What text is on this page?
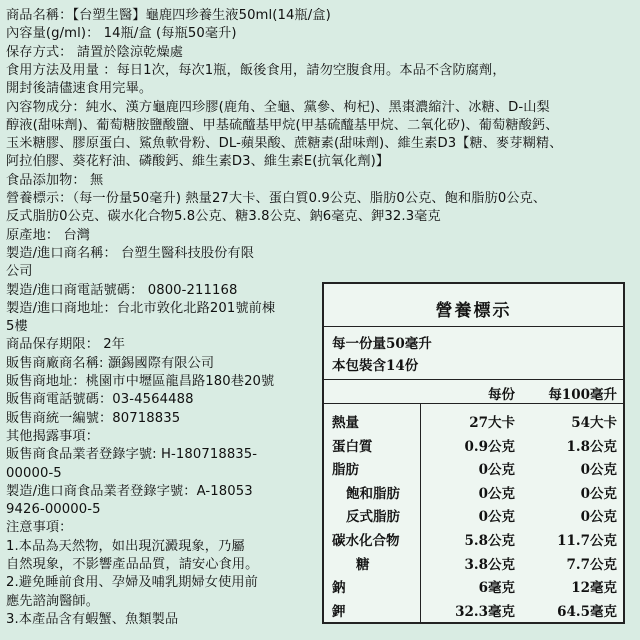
商品名稱：【台塑生醫】龜鹿四珍養生液50ml(14瓶/盒)
內容量(g/ml)： 14瓶/盒 (每瓶50毫升)
保存方式： 請置於陰涼乾燥處
食用方法及用量 ：每日1次，每次1瓶，飯後食用，請勿空腹食用。本品不含防腐劑，
開封後請儘速食用完畢。
內容物成分：純水、漢方龜鹿四珍膠(鹿角、全龜、黨參、枸杞)、黑棗濃縮汁、冰糖、D-山梨
醇液(甜味劑)、葡萄糖胺鹽酸鹽、甲基硫醯基甲烷(甲基硫醯基甲烷、二氧化矽)、葡萄糖酸鈣、
玉米糖膠、膠原蛋白、鯊魚軟骨粉、DL-蘋果酸、蔗糖素(甜味劑)、維生素D3【糖、麥芽糊精、
阿拉伯膠、葵花籽油、磷酸鈣、維生素D3、維生素E(抗氧化劑)】
食品添加物： 無
營養標示：（每一份量50毫升) 熱量27大卡、蛋白質0.9公克、脂肪0公克、飽和脂肪0公克、
反式脂肪0公克、碳水化合物5.8公克、糖3.8公克、鈉6毫克、鉀32.3毫克
原產地： 台灣
製造/進口商名稱： 台塑生醫科技股份有限
公司
製造/進口商電話號碼： 0800-211168
製造/進口商地址：台北市敦化北路201號前棟
5樓
商品保存期限： 2年
販售商廠商名稱: 灝錫國際有限公司
販售商地址：桃園市中壢區龍昌路180巷20號
販售商電話號碼：03-4564488
販售商統一編號：80718835
其他揭露事項：
販售商食品業者登錄字號: H-180718835-
00000-5
製造/進口商食品業者登錄字號：A-18053
9426-00000-5
注意事項：
1.本品為天然物，如出現沉澱現象，乃屬
自然現象，不影響產品品質，請安心食用。
2.避免睡前食用、孕婦及哺乳期婦女使用前
應先諮詢醫師。
3.本產品含有蝦蟹、魚類製品
營養標示
每一份量50毫升
本包裝含14份
每份 每100毫升
熱量	27大卡	54大卡
蛋白質	0.9公克	1.8公克
脂肪	0公克	0公克
飽和脂肪	0公克	0公克
反式脂肪	0公克	0公克
碳水化合物	5.8公克	11.7公克
糖	3.8公克	7.7公克
鈉	6毫克	12毫克
鉀	32.3毫克	64.5毫克
